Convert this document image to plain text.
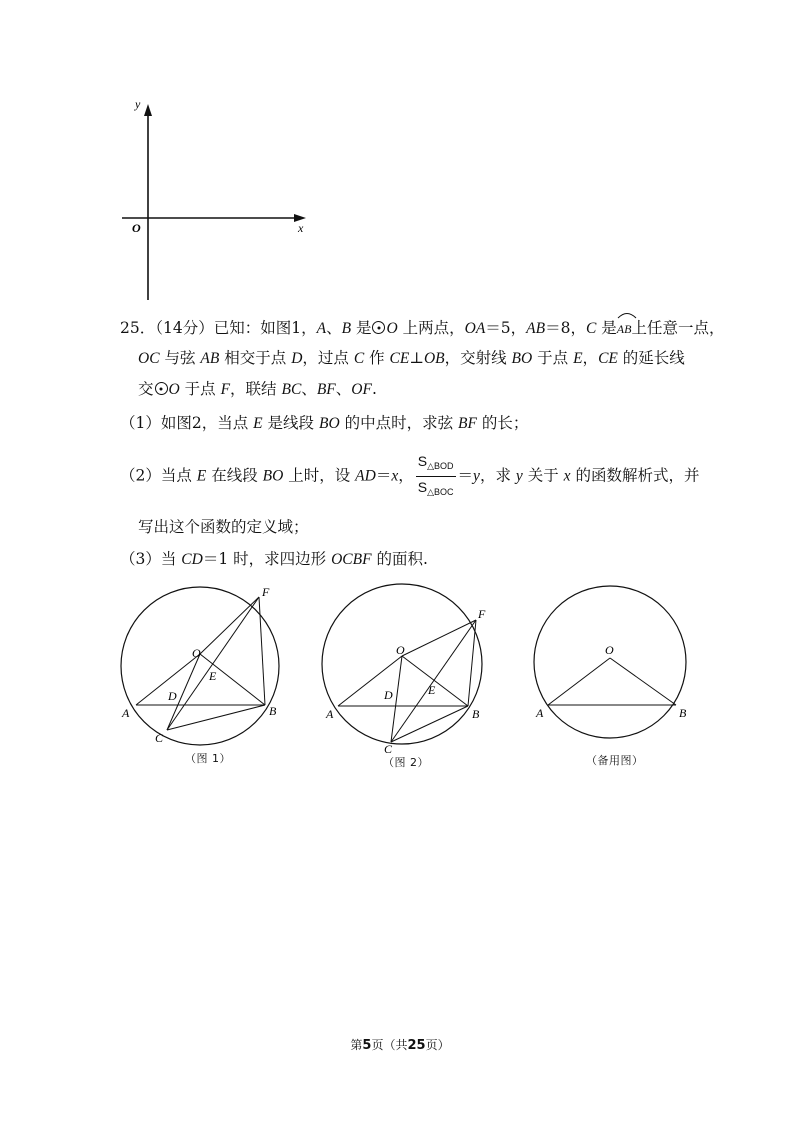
y
x
O
25．（14分）已知：如图1，A、B 是 O 上两点，OA＝5，AB＝8，C 是
AB上任意一点，
OC 与弦 AB 相交于点 D，过点 C 作 CE⊥OB，交射线 BO 于点 E，CE 的延长线
交 O 于点 F，联结 BC、BF、OF.
（1）如图2，当点 E 是线段 BO 的中点时，求弦 BF 的长；
（2）当点 E 在线段 BO 上时，设 AD＝x， $\frac{S_{\triangle BOD}}{S_{\triangle BOC}} =y$，求 y 关于 x 的函数解析式，并
写出这个函数的定义域；
（3）当 CD＝1 时，求四边形 OCBF 的面积.
F
O
E
D
A	B
C
（图 1）
F
O
E
D
A	B
C
（图 2）
O
A	B
（备用图）
第5页（共25页）
